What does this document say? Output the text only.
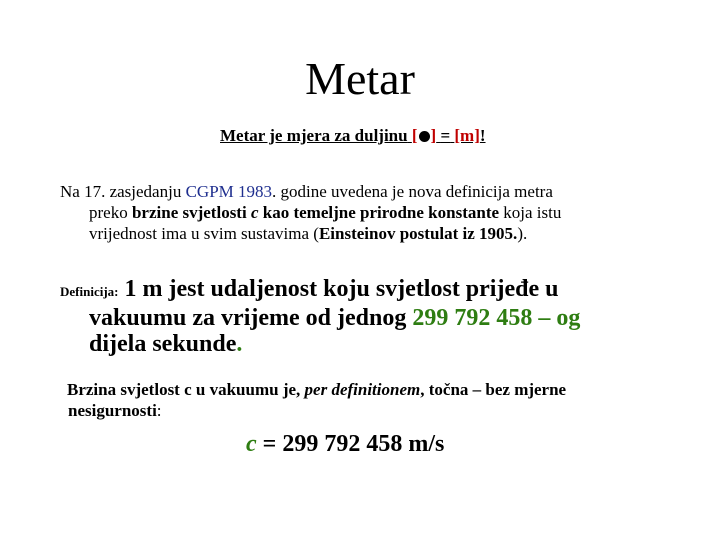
Metar
Metar je mjera za duljinu [ ] = [m]!
Na 17. zasjedanju CGPM 1983. godine uvedena je nova definicija metra
preko brzine svjetlosti c kao temeljne prirodne konstante koja istu
vrijednost ima u svim sustavima (Einsteinov postulat iz 1905.).
Definicija: 1 m jest udaljenost koju svjetlost prijeđe u
vakuumu za vrijeme od jednog 299 792 458 – og
dijela sekunde.
Brzina svjetlost c u vakuumu je, per definitionem, točna – bez mjerne
nesigurnosti:
c = 299 792 458 m/s
